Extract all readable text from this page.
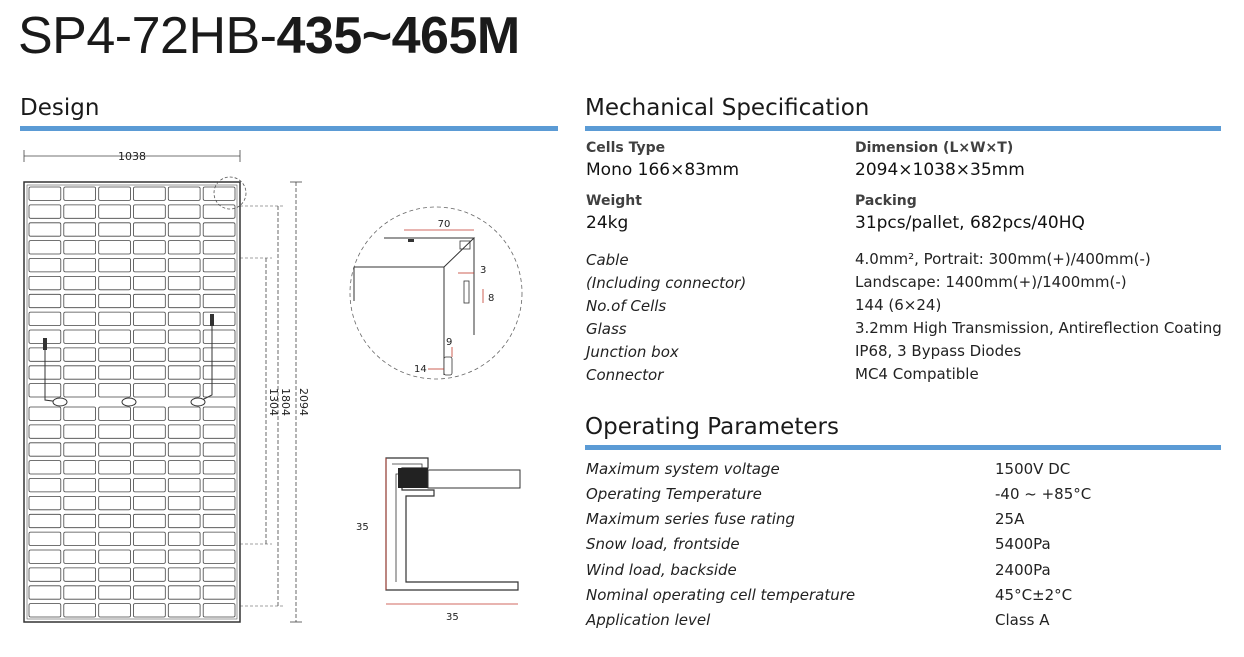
SP4-72HB-435~465M
Design
1038
2094
1804
1304
70
3
8
9
14
35
35
Mechanical Specification
Cells Type
Mono 166×83mm
Dimension (L×W×T)
2094×1038×35mm
Weight
24kg
Packing
31pcs/pallet, 682pcs/40HQ
Cable	4.0mm², Portrait: 300mm(+)/400mm(-)
(Including connector)	Landscape: 1400mm(+)/1400mm(-)
No.of Cells	144 (6×24)
Glass	3.2mm High Transmission, Antireflection Coating
Junction box	IP68, 3 Bypass Diodes
Connector	MC4 Compatible
Operating Parameters
Maximum system voltage	1500V DC
Operating Temperature	-40 ~ +85°C
Maximum series fuse rating	25A
Snow load, frontside	5400Pa
Wind load, backside	2400Pa
Nominal operating cell temperature	45°C±2°C
Application level	Class A
